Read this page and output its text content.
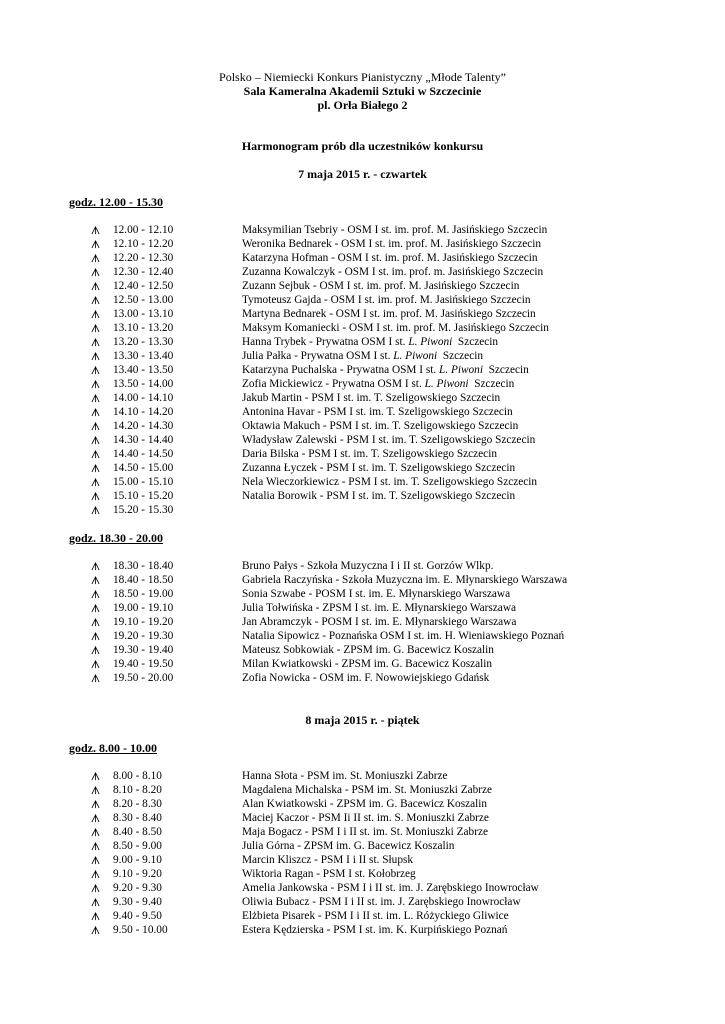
Polsko – Niemiecki Konkurs Pianistyczny „Młode Talenty”
Sala Kameralna Akademii Sztuki w Szczecinie
pl. Orła Białego 2
Harmonogram prób dla uczestników konkursu
7 maja 2015 r. - czwartek
godz. 12.00 - 15.30
12.00 - 12.10	Maksymilian Tsebriy - OSM I st. im. prof. M. Jasińskiego Szczecin
12.10 - 12.20	Weronika Bednarek - OSM I st. im. prof. M. Jasińskiego Szczecin
12.20 - 12.30	Katarzyna Hofman - OSM I st. im. prof. M. Jasińskiego Szczecin
12.30 - 12.40	Zuzanna Kowalczyk - OSM I st. im. prof. m. Jasińskiego Szczecin
12.40 - 12.50	Zuzann Sejbuk - OSM I st. im. prof. M. Jasińskiego Szczecin
12.50 - 13.00	Tymoteusz Gajda - OSM I st. im. prof. M. Jasińskiego Szczecin
13.00 - 13.10	Martyna Bednarek - OSM I st. im. prof. M. Jasińskiego Szczecin
13.10 - 13.20	Maksym Komaniecki - OSM I st. im. prof. M. Jasińskiego Szczecin
13.20 - 13.30	Hanna Trybek - Prywatna OSM I st. L. Piwoni  Szczecin
13.30 - 13.40	Julia Pałka - Prywatna OSM I st. L. Piwoni  Szczecin
13.40 - 13.50	Katarzyna Puchalska - Prywatna OSM I st. L. Piwoni  Szczecin
13.50 - 14.00	Zofia Mickiewicz - Prywatna OSM I st. L. Piwoni  Szczecin
14.00 - 14.10	Jakub Martin - PSM I st. im. T. Szeligowskiego Szczecin
14.10 - 14.20	Antonina Havar - PSM I st. im. T. Szeligowskiego Szczecin
14.20 - 14.30	Oktawia Makuch - PSM I st. im. T. Szeligowskiego Szczecin
14.30 - 14.40	Władysław Zalewski - PSM I st. im. T. Szeligowskiego Szczecin
14.40 - 14.50	Daria Bilska - PSM I st. im. T. Szeligowskiego Szczecin
14.50 - 15.00	Zuzanna Łyczek - PSM I st. im. T. Szeligowskiego Szczecin
15.00 - 15.10	Nela Wieczorkiewicz - PSM I st. im. T. Szeligowskiego Szczecin
15.10 - 15.20	Natalia Borowik - PSM I st. im. T. Szeligowskiego Szczecin
15.20 - 15.30
godz. 18.30 - 20.00
18.30 - 18.40	Bruno Pałys - Szkoła Muzyczna I i II st. Gorzów Wlkp.
18.40 - 18.50	Gabriela Raczyńska - Szkoła Muzyczna im. E. Młynarskiego Warszawa
18.50 - 19.00	Sonia Szwabe - POSM I st. im. E. Młynarskiego Warszawa
19.00 - 19.10	Julia Tołwińska - ZPSM I st. im. E. Młynarskiego Warszawa
19.10 - 19.20	Jan Abramczyk - POSM I st. im. E. Młynarskiego Warszawa
19.20 - 19.30	Natalia Sipowicz - Poznańska OSM I st. im. H. Wieniawskiego Poznań
19.30 - 19.40	Mateusz Sobkowiak - ZPSM im. G. Bacewicz Koszalin
19.40 - 19.50	Milan Kwiatkowski - ZPSM im. G. Bacewicz Koszalin
19.50 - 20.00	Zofia Nowicka - OSM im. F. Nowowiejskiego Gdańsk
8 maja 2015 r. - piątek
godz. 8.00 - 10.00
8.00 - 8.10	Hanna Słota - PSM im. St. Moniuszki Zabrze
8.10 - 8.20	Magdalena Michalska - PSM im. St. Moniuszki Zabrze
8.20 - 8.30	Alan Kwiatkowski - ZPSM im. G. Bacewicz Koszalin
8.30 - 8.40	Maciej Kaczor - PSM Ii II st. im. S. Moniuszki Zabrze
8.40 - 8.50	Maja Bogacz - PSM I i II st. im. St. Moniuszki Zabrze
8.50 - 9.00	Julia Górna - ZPSM im. G. Bacewicz Koszalin
9.00 - 9.10	Marcin Kliszcz - PSM I i II st. Słupsk
9.10 - 9.20	Wiktoria Ragan - PSM I st. Kołobrzeg
9.20 - 9.30	Amelia Jankowska - PSM I i II st. im. J. Zarębskiego Inowrocław
9.30 - 9.40	Oliwia Bubacz - PSM I i II st. im. J. Zarębskiego Inowrocław
9.40 - 9.50	Elżbieta Pisarek - PSM I i II st. im. L. Różyckiego Gliwice
9.50 - 10.00	Estera Kędzierska - PSM I st. im. K. Kurpińskiego Poznań
